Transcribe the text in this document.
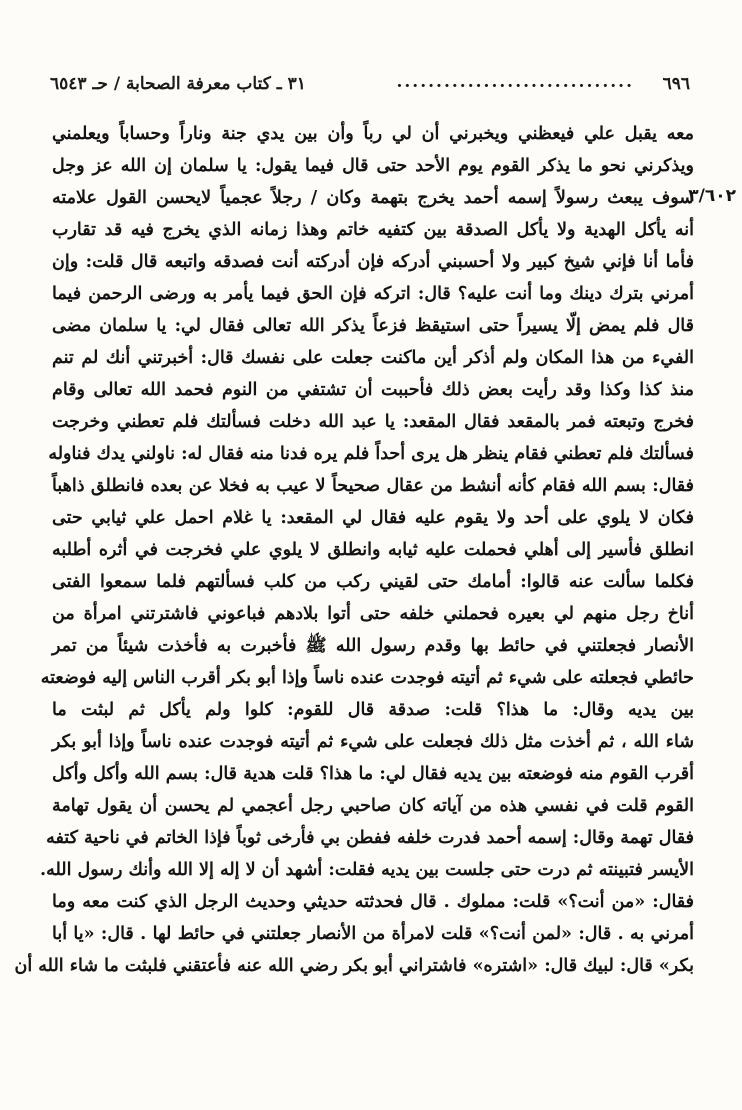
٦٩٦
..............................
٣١ ـ كتاب معرفة الصحابة / حـ ٦٥٤٣
٣/٦٠٢
معه يقبل علي فيعظني ويخبرني أن لي رباً وأن بين يدي جنة وناراً وحساباً ويعلمني
ويذكرني نحو ما يذكر القوم يوم الأحد حتى قال فيما يقول: يا سلمان إن الله عز وجل
سوف يبعث رسولاً إسمه أحمد يخرج بتهمة وكان / رجلاً عجمياً لايحسن القول علامته
أنه يأكل الهدية ولا يأكل الصدقة بين كتفيه خاتم وهذا زمانه الذي يخرج فيه قد تقارب
فأما أنا فإني شيخ كبير ولا أحسبني أدركه فإن أدركته أنت فصدقه واتبعه قال قلت: وإن
أمرني بترك دينك وما أنت عليه؟ قال: اتركه فإن الحق فيما يأمر به ورضى الرحمن فيما
قال فلم يمض إلّا يسيراً حتى استيقظ فزعاً يذكر الله تعالى فقال لي: يا سلمان مضى
الفيء من هذا المكان ولم أذكر أين ماكنت جعلت على نفسك قال: أخبرتني أنك لم تنم
منذ كذا وكذا وقد رأيت بعض ذلك فأحببت أن تشتفي من النوم فحمد الله تعالى وقام
فخرج وتبعته فمر بالمقعد فقال المقعد: يا عبد الله دخلت فسألتك فلم تعطني وخرجت
فسألتك فلم تعطني فقام ينظر هل يرى أحداً فلم يره فدنا منه فقال له: ناولني يدك فناوله
فقال: بسم الله فقام كأنه أنشط من عقال صحيحاً لا عيب به فخلا عن بعده فانطلق ذاهباً
فكان لا يلوي على أحد ولا يقوم عليه فقال لي المقعد: يا غلام احمل علي ثيابي حتى
انطلق فأسير إلى أهلي فحملت عليه ثيابه وانطلق لا يلوي علي فخرجت في أثره أطلبه
فكلما سألت عنه قالوا: أمامك حتى لقيني ركب من كلب فسألتهم فلما سمعوا الفتى
أناخ رجل منهم لي بعيره فحملني خلفه حتى أتوا بلادهم فباعوني فاشترتني امرأة من
الأنصار فجعلتني في حائط بها وقدم رسول الله ﷺ فأخبرت به فأخذت شيئاً من تمر
حائطي فجعلته على شيء ثم أتيته فوجدت عنده ناساً وإذا أبو بكر أقرب الناس إليه فوضعته
بين يديه وقال: ما هذا؟ قلت: صدقة قال للقوم: كلوا ولم يأكل ثم لبثت ما
شاء الله ، ثم أخذت مثل ذلك فجعلت على شيء ثم أتيته فوجدت عنده ناساً وإذا أبو بكر
أقرب القوم منه فوضعته بين يديه فقال لي: ما هذا؟ قلت هدية قال: بسم الله وأكل وأكل
القوم قلت في نفسي هذه من آياته كان صاحبي رجل أعجمي لم يحسن أن يقول تهامة
فقال تهمة وقال: إسمه أحمد فدرت خلفه ففطن بي فأرخى ثوباً فإذا الخاتم في ناحية كتفه
الأيسر فتبينته ثم درت حتى جلست بين يديه فقلت: أشهد أن لا إله إلا الله وأنك رسول الله.
فقال: «من أنت؟» قلت: مملوك . قال فحدثته حديثي وحديث الرجل الذي كنت معه وما
أمرني به . قال: «لمن أنت؟» قلت لامرأة من الأنصار جعلتني في حائط لها . قال: «يا أبا
بكر» قال: لبيك قال: «اشتره» فاشتراني أبو بكر رضي الله عنه فأعتقني فلبثت ما شاء الله أن
